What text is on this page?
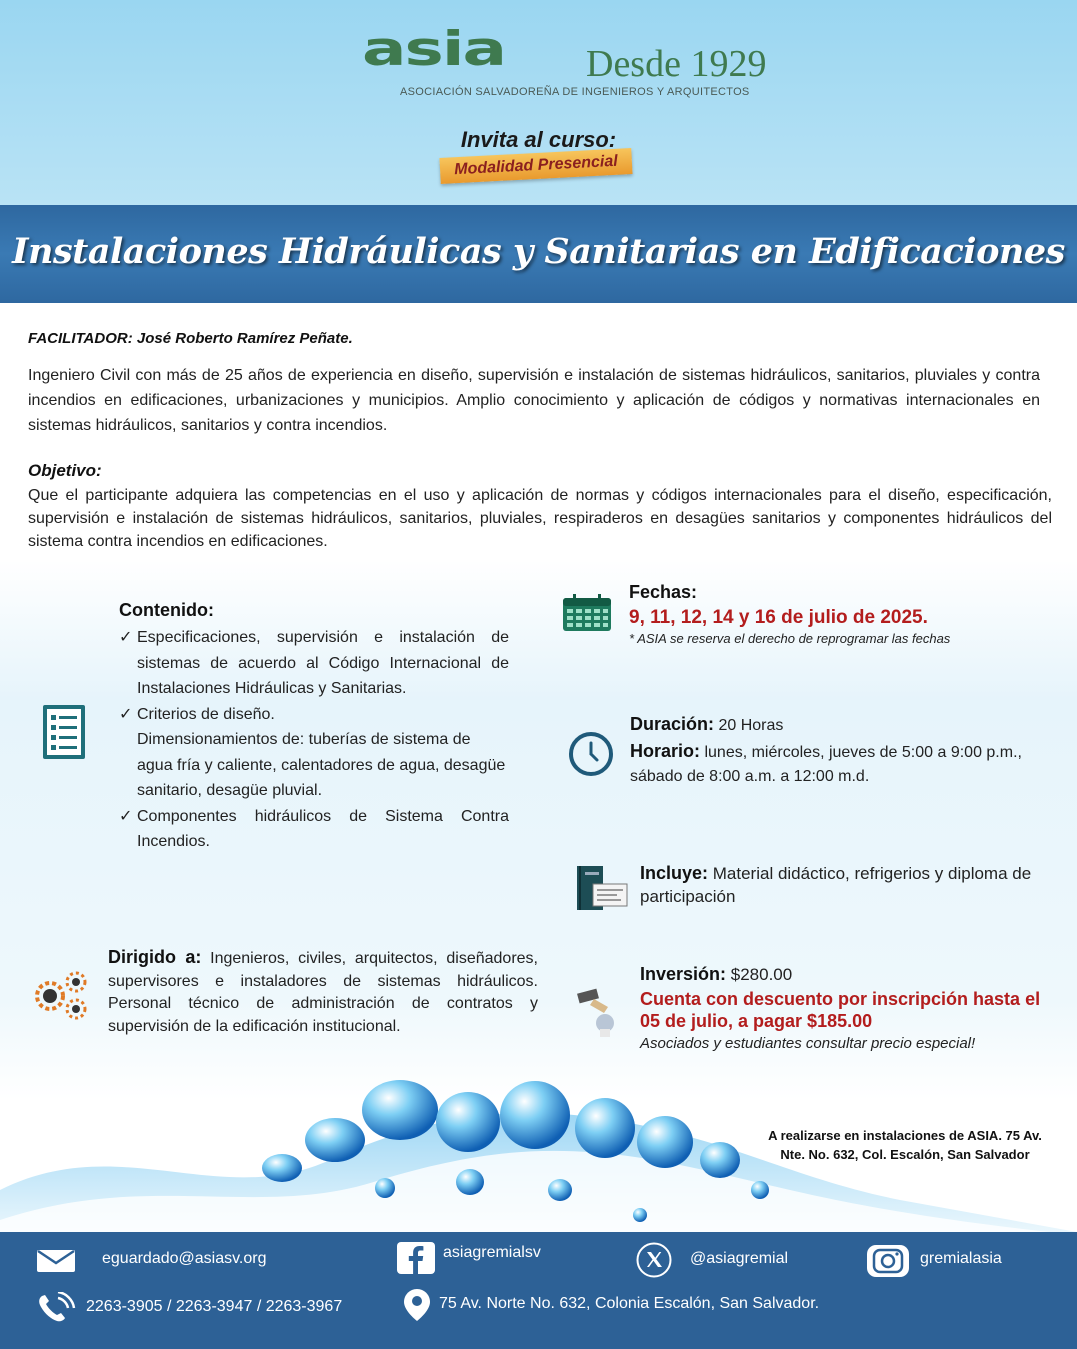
asia Desde 1929
ASOCIACIÓN SALVADOREÑA DE INGENIEROS Y ARQUITECTOS
Invita al curso:
Modalidad Presencial
Instalaciones Hidráulicas y Sanitarias en Edificaciones
FACILITADOR: José Roberto Ramírez Peñate.
Ingeniero Civil con más de 25 años de experiencia en diseño, supervisión e instalación de sistemas hidráulicos, sanitarios, pluviales y contra incendios en edificaciones, urbanizaciones y municipios. Amplio conocimiento y aplicación de códigos y normativas internacionales en sistemas hidráulicos, sanitarios y contra incendios.
Objetivo:
Que el participante adquiera las competencias en el uso y aplicación de normas y códigos internacionales para el diseño, especificación, supervisión e instalación de sistemas hidráulicos, sanitarios, pluviales, respiraderos en desagües sanitarios y componentes hidráulicos del sistema contra incendios en edificaciones.
Contenido:
✓ Especificaciones, supervisión e instalación de sistemas de acuerdo al Código Internacional de Instalaciones Hidráulicas y Sanitarias.
✓ Criterios de diseño.

Dimensionamientos de: tuberías de sistema de agua fría y caliente, calentadores de agua, desagüe sanitario, desagüe pluvial.
✓ Componentes hidráulicos de Sistema Contra Incendios.
Dirigido a: Ingenieros, civiles, arquitectos, diseñadores, supervisores e instaladores de sistemas hidráulicos. Personal técnico de administración de contratos y supervisión de la edificación institucional.
Fechas:
9, 11, 12, 14 y 16 de julio de 2025.
* ASIA se reserva el derecho de reprogramar las fechas
Duración: 20 Horas
Horario: lunes, miércoles, jueves de 5:00 a 9:00 p.m., sábado de 8:00 a.m. a 12:00 m.d.
Incluye: Material didáctico, refrigerios y diploma de participación
Inversión: $280.00
Cuenta con descuento por inscripción hasta el 05 de julio, a pagar $185.00
Asociados y estudiantes consultar precio especial!
A realizarse en instalaciones de ASIA. 75 Av.
Nte. No. 632, Col. Escalón, San Salvador
eguardado@asiasv.org	asiagremialsv	@asiagremial	gremialasia
2263-3905 / 2263-3947 / 2263-3967	75 Av. Norte No. 632, Colonia Escalón, San Salvador.
